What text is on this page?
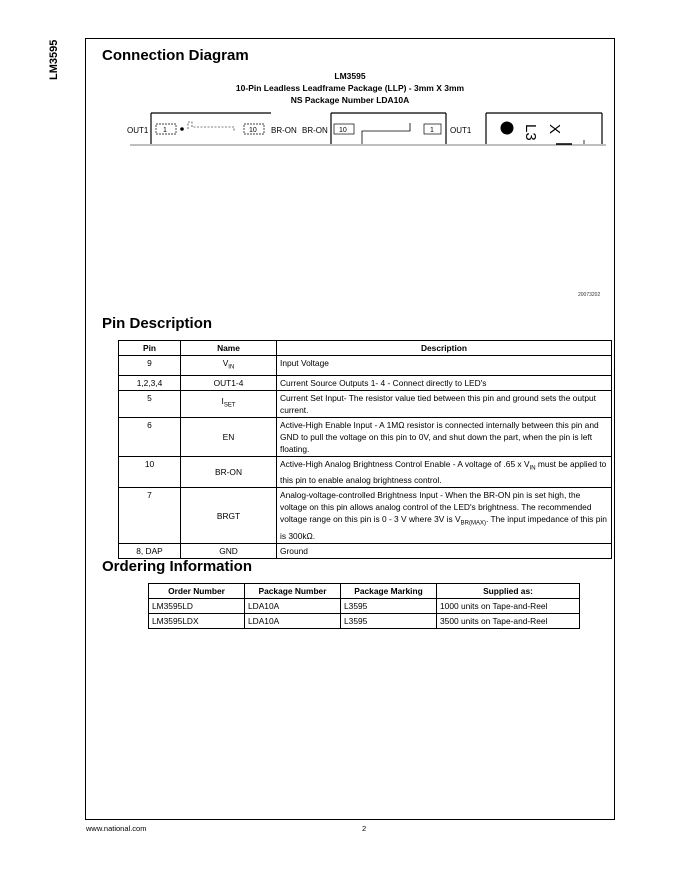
LM3595	Connection Diagram
LM3595
10-Pin Leadless Leadframe Package (LLP) - 3mm X 3mm
NS Package Number LDA10A
OUT1 1	10 BR-ON BR-ON 10	1 OUT1	L3 X
20073202
Pin Description
Pin	Name	Description
9	$V_{IN}$	Input Voltage
1,2,3,4	OUT1-4	Current Source Outputs 1- 4 - Connect directly to LED's
5	$I_{SET}$	Current Set Input- The resistor value tied between this pin and ground sets the output current.
6	EN	Active-High Enable Input - A 1MΩ resistor is connected internally between this pin and GND to pull the voltage on this pin to 0V, and shut down the part, when the pin is left floating.
10	BR-ON	Active-High Analog Brightness Control Enable - A voltage of .65 x $V_{IN}$ must be applied to this pin to enable analog brightness control.
7	BRGT	Analog-voltage-controlled Brightness Input - When the BR-ON pin is set high, the voltage on this pin allows analog control of the LED's brightness. The recommended voltage range on this pin is 0 - 3 V where 3V is $V_{BR(MAX)}$. The input impedance of this pin is 300kΩ.
8, DAP	GND	Ground
Ordering Information
Order Number	Package Number	Package Marking	Supplied as:
LM3595LD	LDA10A	L3595	1000 units on Tape-and-Reel
LM3595LDX	LDA10A	L3595	3500 units on Tape-and-Reel
www.national.com	2
